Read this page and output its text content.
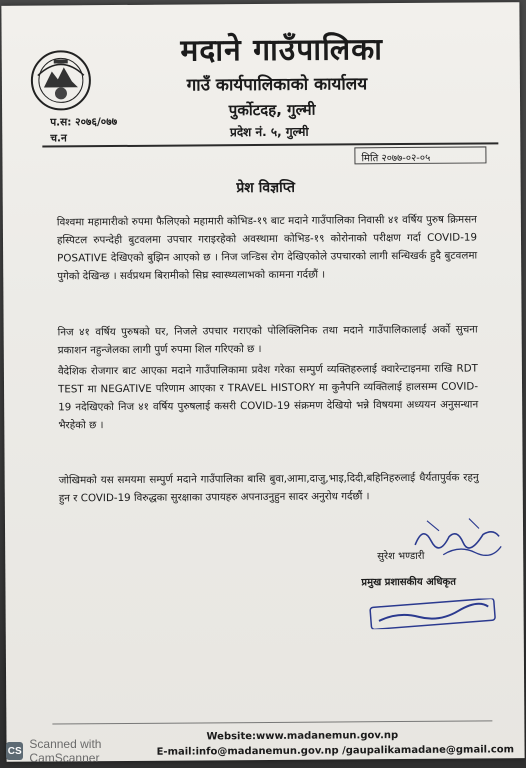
मदाने गाउँपालिका
गाउँ कार्यपालिकाको कार्यालय
पुर्कोटदह, गुल्मी
प्रदेश नं. ५, गुल्मी
प.स: २०७६/०७७
च.न
मिति २०७७-०२-०५
प्रेश विज्ञप्ति

विश्वमा महामारीको रुपमा फैलिएको महामारी कोभिड-१९ बाट मदाने गाउँपालिका निवासी ४१ वर्षिय पुरुष क्रिमसन हस्पिटल रुपन्देही बुटवलमा उपचार गराइरहेको अवस्थामा कोभिड-१९ कोरोनाको परीक्षण गर्दा COVID-19 POSATIVE देखिएको बुझिन आएको छ । निज जन्डिस रोग देखिएकोले उपचारको लागी सन्धिखर्क हुदै बुटवलमा पुगेको देखिन्छ । सर्वप्रथम बिरामीको सिघ्र स्वास्थ्यलाभको कामना गर्दछौं ।

निज ४१ वर्षिय पुरुषको घर, निजले उपचार गराएको पोलिक्लिनिक तथा मदाने गाउँपालिकालाई अर्को सुचना प्रकाशन नहुन्जेलका लागी पुर्ण रुपमा शिल गरिएको छ ।

वैदेशिक रोजगार बाट आएका मदाने गाउँपालिकामा प्रवेश गरेका सम्पुर्ण व्यक्तिहरुलाई क्वारेन्टाइनमा राखि RDT TEST मा NEGATIVE परिणाम आएका र TRAVEL HISTORY मा कुनैपनि व्यक्तिलाई हालसम्म COVID-19 नदेखिएको निज ४१ वर्षिय पुरुषलाई कसरी COVID-19 संक्रमण देखियो भन्ने विषयमा अध्ययन अनुसन्धान भैरहेको छ ।

जोखिमको यस समयमा सम्पुर्ण मदाने गाउँपालिका बासि बुवा,आमा,दाजु,भाइ,दिदी,बहिनिहरुलाई धैर्यतापुर्वक रहनु हुन र COVID-19 विरुद्धका सुरक्षाका उपायहरु अपनाउनुहुन सादर अनुरोध गर्दछौं ।

सुरेश भण्डारी
प्रमुख प्रशासकीय अधिकृत
Website:www.madanemun.gov.np
E-mail:info@madanemun.gov.np /gaupalikamadane@gmail.com
CS Scanned with CamScanner
